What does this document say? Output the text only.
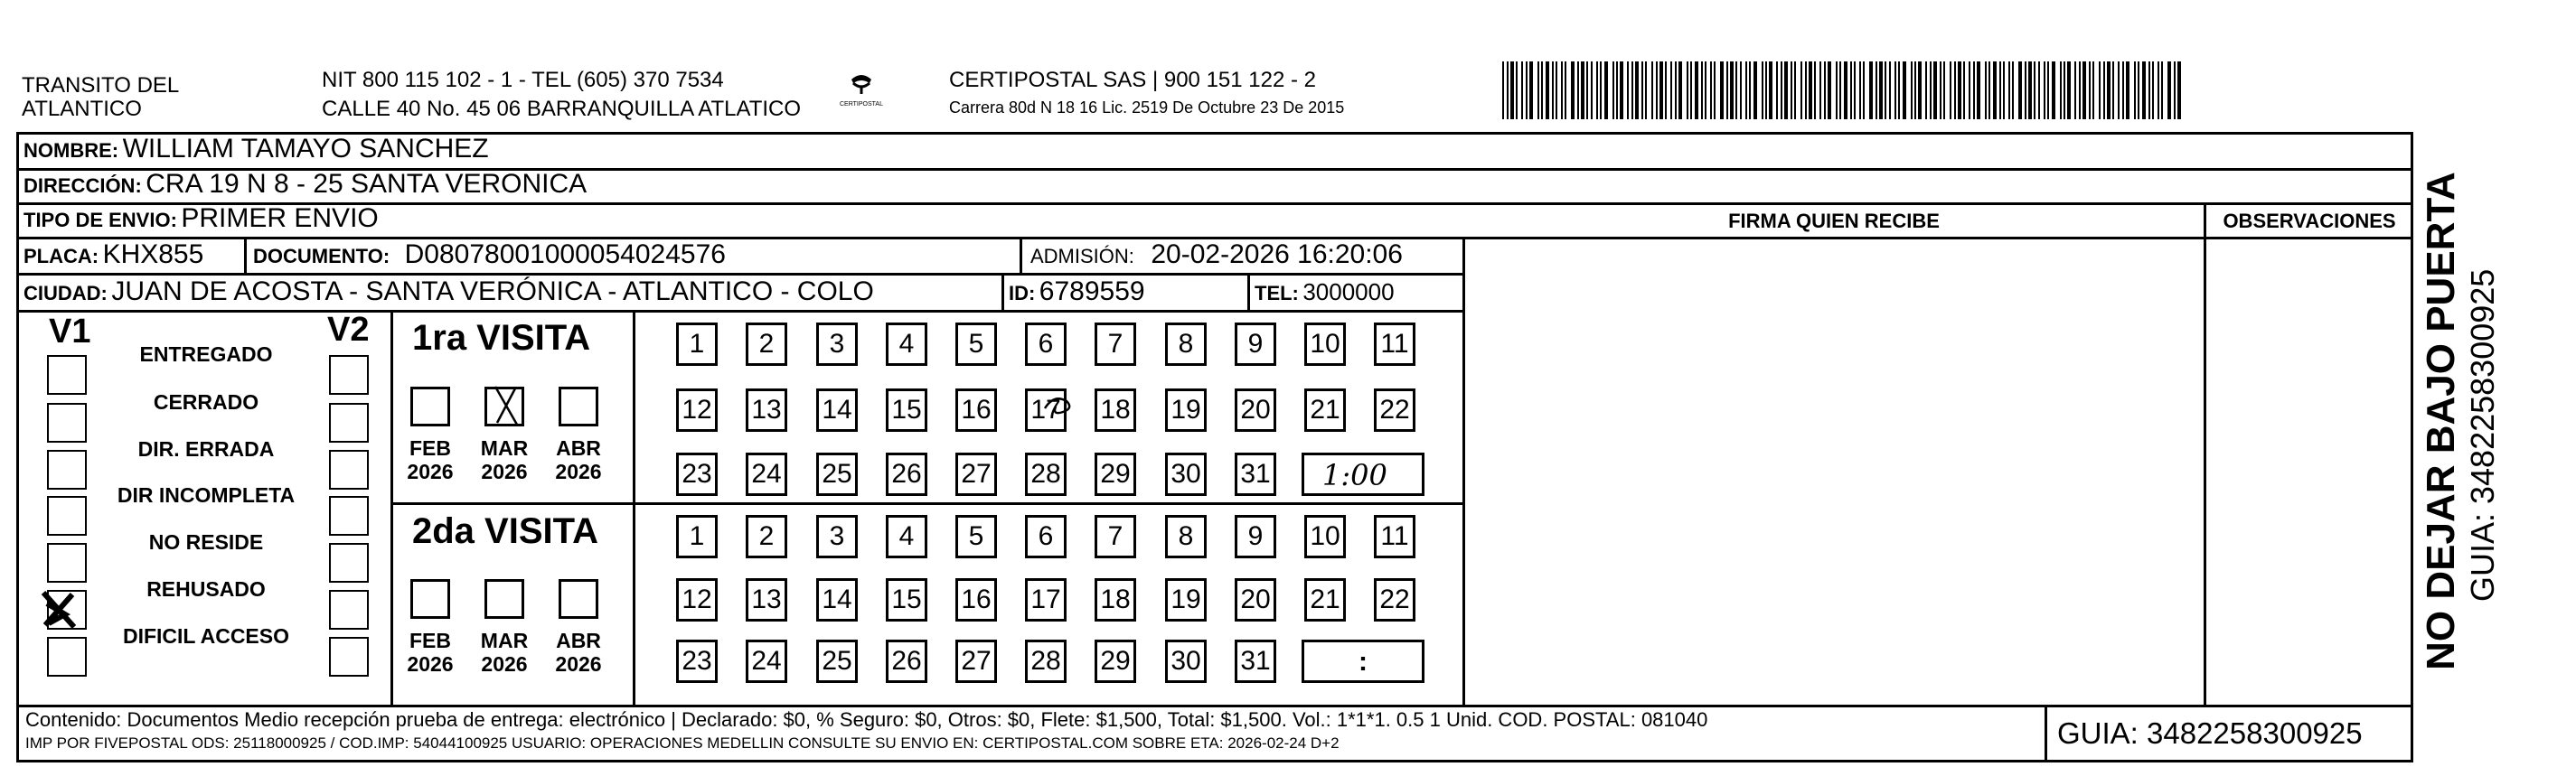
TRANSITO DEL
ATLANTICO
NIT 800 115 102 - 1 - TEL (605) 370 7534
CALLE 40 No. 45 06 BARRANQUILLA ATLATICO	CERTIPOSTAL
CERTIPOSTAL SAS | 900 151 122 - 2
Carrera 80d N 18 16 Lic. 2519 De Octubre 23 De 2015
NOMBRE: WILLIAM TAMAYO SANCHEZ
DIRECCIÓN: CRA 19 N 8 - 25 SANTA VERONICA
TIPO DE ENVIO: PRIMER ENVIO	FIRMA QUIEN RECIBE	OBSERVACIONES
PLACA: KHX855 DOCUMENTO: D08078001000054024576	ADMISIÓN: 20-02-2026 16:20:06
CIUDAD: JUAN DE ACOSTA - SANTA VERÓNICA - ATLANTICO - COLO	ID: 6789559	TEL: 3000000
V1	V2
ENTREGADO
CERRADO
DIR. ERRADA
DIR INCOMPLETA
NO RESIDE
REHUSADO
DIFICIL ACCESO
1ra VISITA
2da VISITA
FEB
2026
MAR
2026
ABR
2026
FEB
2026
MAR
2026
ABR
2026
1	2	3	4	5	6	7	8	9	10 11
12 13 14 15 16 17 18 19 20 21 22
23 24 25 26 27 28 29 30 31
1	2	3	4	5	6	7	8	9	10 11
12 13 14 15 16 17 18 19 20 21 22
23 24 25 26 27 28 29 30 31
1:00
:
Contenido: Documentos Medio recepción prueba de entrega: electrónico | Declarado: $0, % Seguro: $0, Otros: $0, Flete: $1,500, Total: $1,500. Vol.: 1*1*1. 0.5 1 Unid. COD. POSTAL: 081040
IMP POR FIVEPOSTAL ODS: 25118000925 / COD.IMP: 54044100925 USUARIO: OPERACIONES MEDELLIN CONSULTE SU ENVIO EN: CERTIPOSTAL.COM SOBRE ETA: 2026-02-24 D+2	GUIA: 3482258300925
NO DEJAR BAJO PUERTA GUIA: 3482258300925
